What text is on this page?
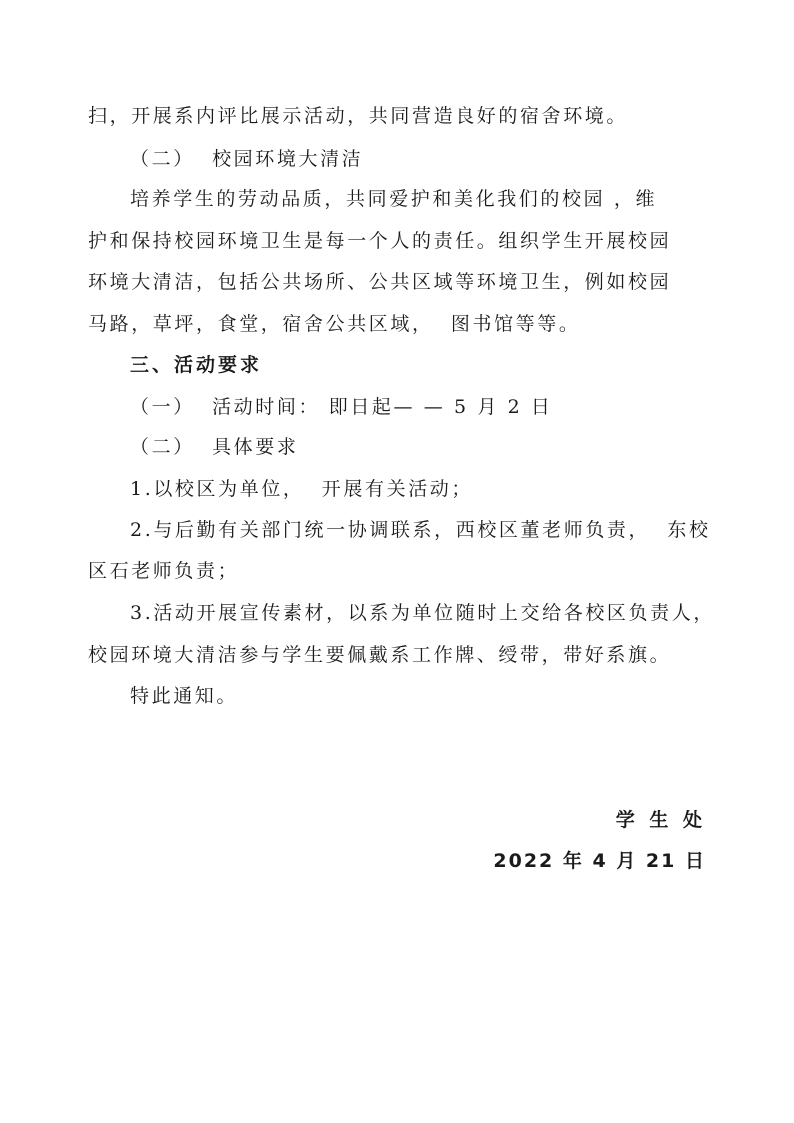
扫，开展系内评比展示活动，共同营造良好的宿舍环境。
（二）  校园环境大清洁
培养学生的劳动品质，共同爱护和美化我们的校园 ，维
护和保持校园环境卫生是每一个人的责任。组织学生开展校园
环境大清洁，包括公共场所、公共区域等环境卫生，例如校园
马路，草坪，食堂，宿舍公共区域，  图书馆等等。
三、活动要求
（一）  活动时间： 即日起— — 5 月 2 日
（二）  具体要求
1.以校区为单位，  开展有关活动；
2.与后勤有关部门统一协调联系，西校区董老师负责，  东校
区石老师负责；
3.活动开展宣传素材，以系为单位随时上交给各校区负责人，
校园环境大清洁参与学生要佩戴系工作牌、绶带，带好系旗。
特此通知。
学 生 处
2022 年 4 月 21 日
